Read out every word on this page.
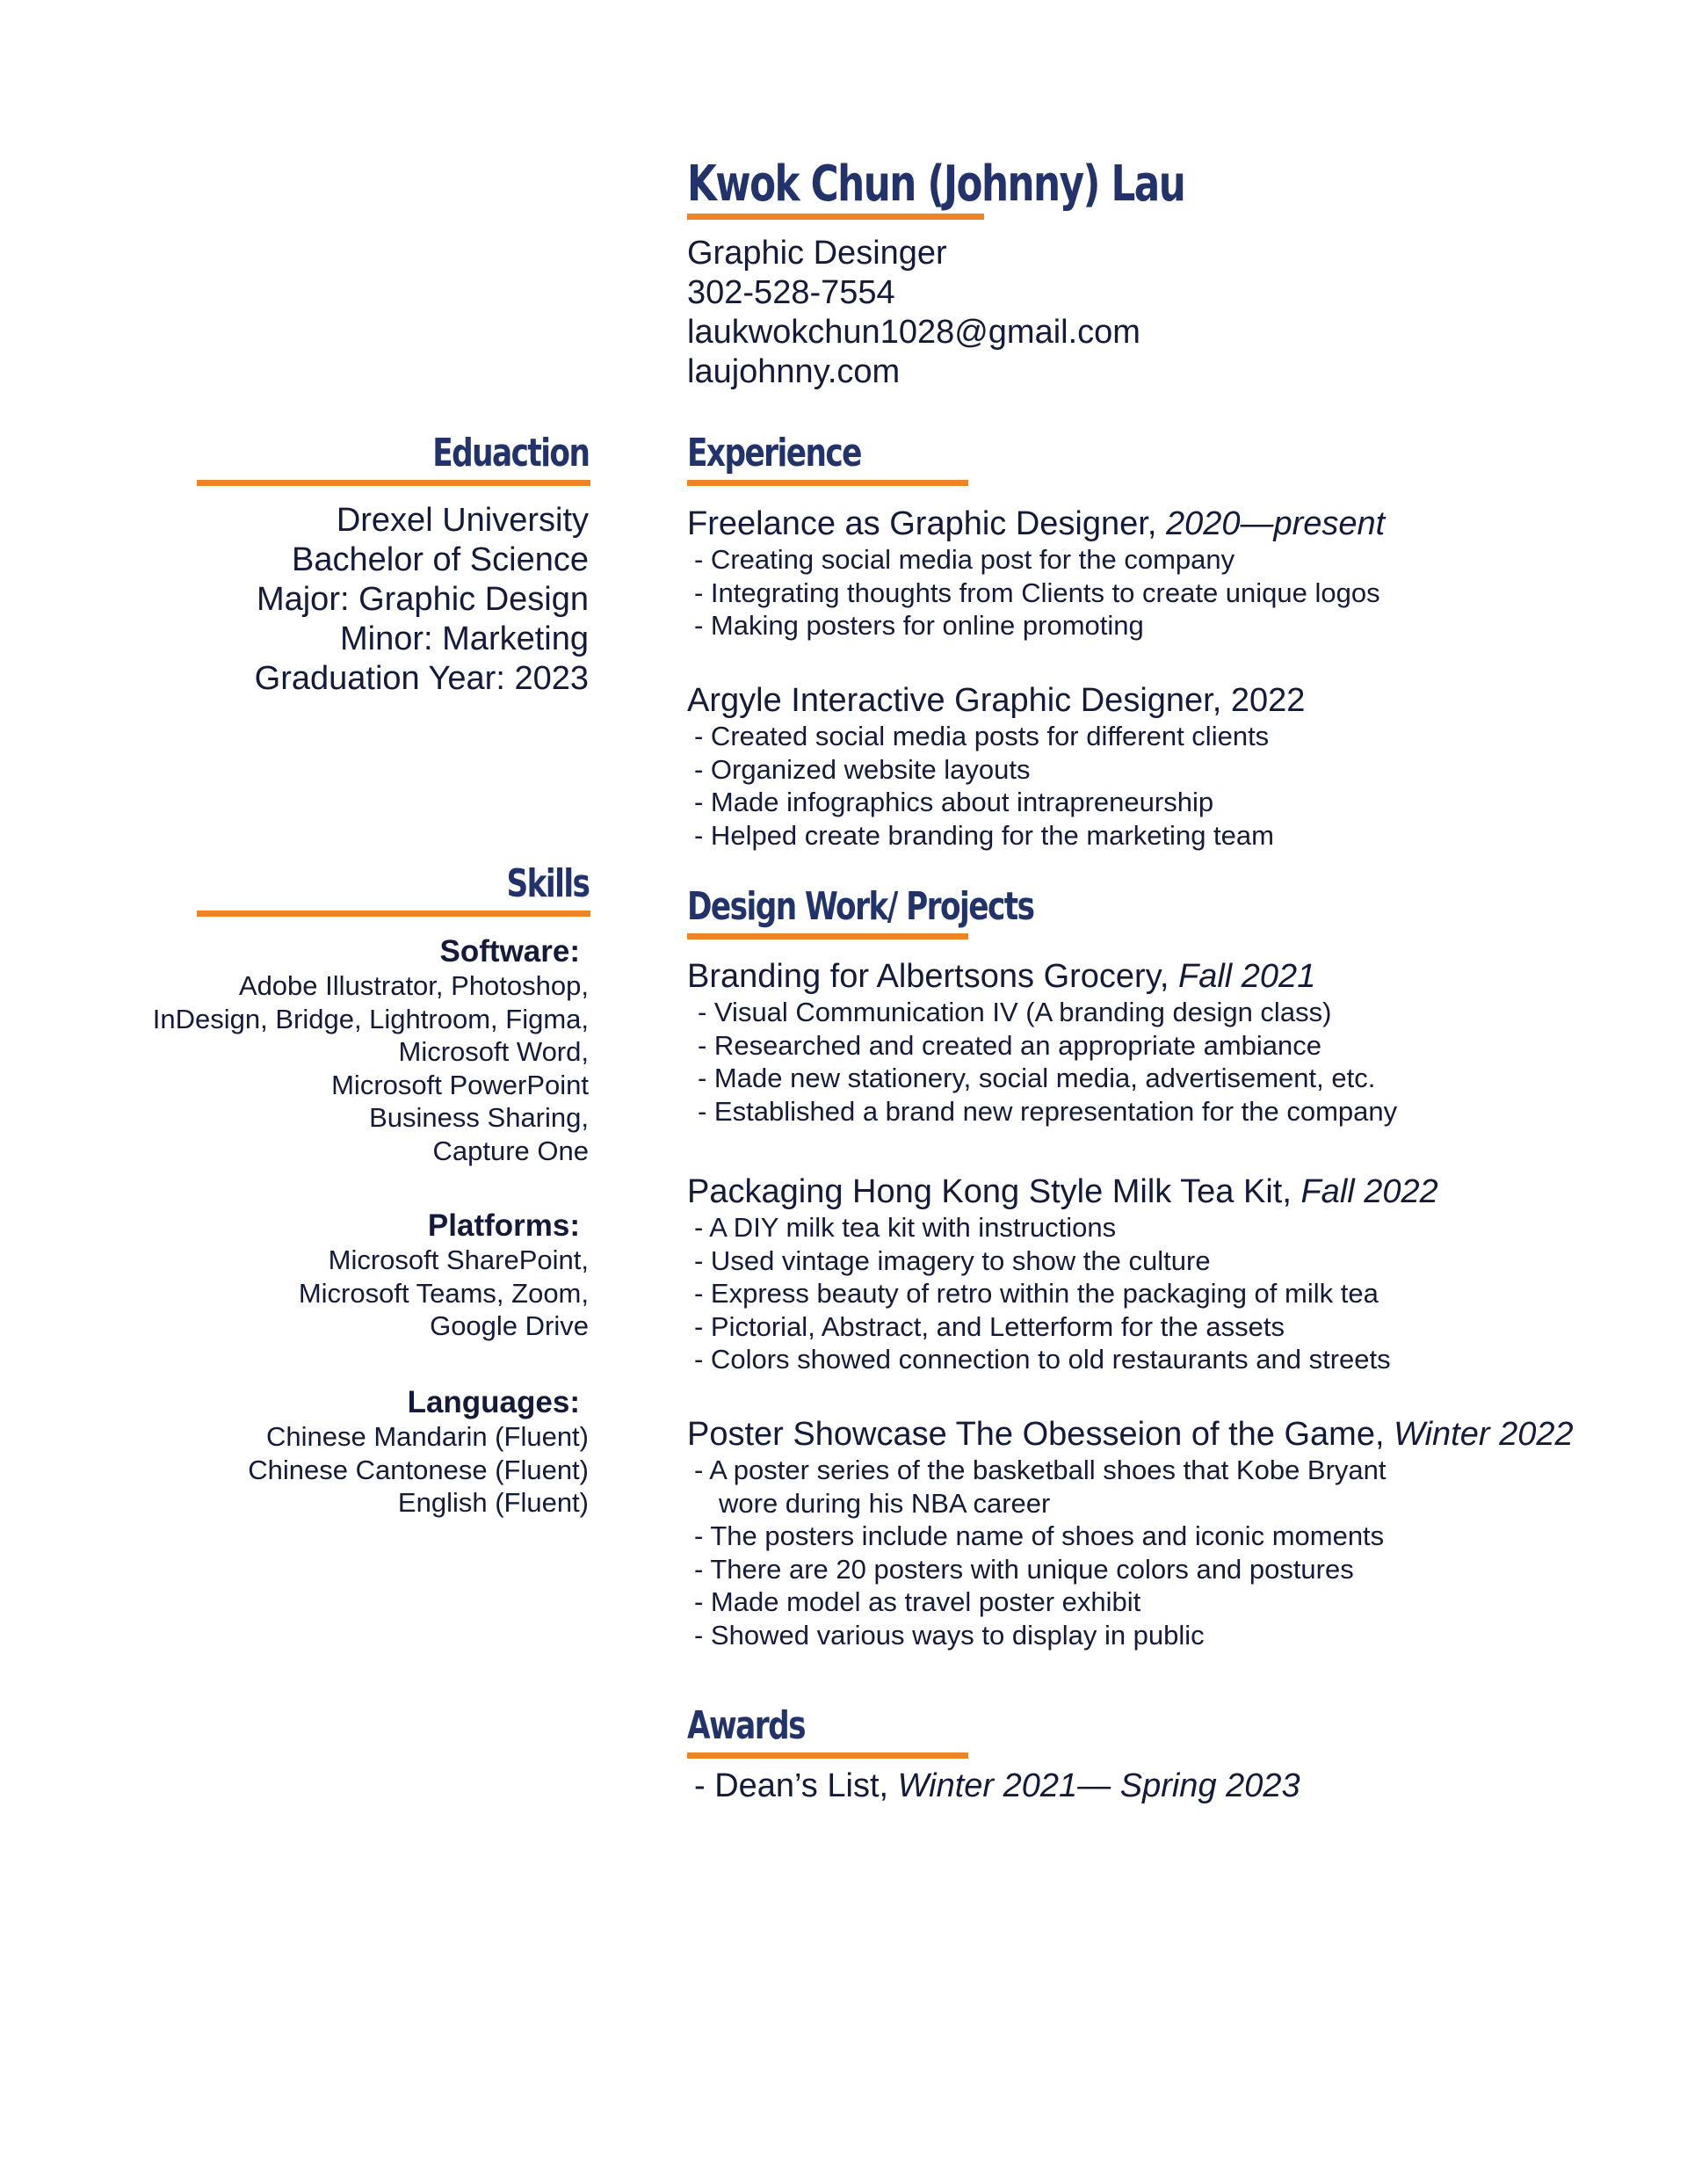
Kwok Chun (Johnny) Lau
Graphic Desinger
302-528-7554
laukwokchun1028@gmail.com
laujohnny.com
Eduaction
Drexel University
Bachelor of Science
Major: Graphic Design
Minor: Marketing
Graduation Year: 2023
Skills
Software:
Adobe Illustrator, Photoshop,
InDesign, Bridge, Lightroom, Figma,
Microsoft Word,
Microsoft PowerPoint
Business Sharing,
Capture One
Platforms:
Microsoft SharePoint,
Microsoft Teams, Zoom,
Google Drive
Languages:
Chinese Mandarin (Fluent)
Chinese Cantonese (Fluent)
English (Fluent)
Experience
Freelance as Graphic Designer, 2020—present
- Creating social media post for the company
- Integrating thoughts from Clients to create unique logos
- Making posters for online promoting
Argyle Interactive Graphic Designer, 2022
- Created social media posts for different clients
- Organized website layouts
- Made infographics about intrapreneurship
- Helped create branding for the marketing team
Design Work/ Projects
Branding for Albertsons Grocery, Fall 2021
- Visual Communication IV (A branding design class)
- Researched and created an appropriate ambiance
- Made new stationery, social media, advertisement, etc.
- Established a brand new representation for the company
Packaging Hong Kong Style Milk Tea Kit, Fall 2022
- A DIY milk tea kit with instructions
- Used vintage imagery to show the culture
- Express beauty of retro within the packaging of milk tea
- Pictorial, Abstract, and Letterform for the assets
- Colors showed connection to old restaurants and streets
Poster Showcase The Obesseion of the Game, Winter 2022
- A poster series of the basketball shoes that Kobe Bryant
wore during his NBA career
- The posters include name of shoes and iconic moments
- There are 20 posters with unique colors and postures
- Made model as travel poster exhibit
- Showed various ways to display in public
Awards
- Dean’s List, Winter 2021— Spring 2023
